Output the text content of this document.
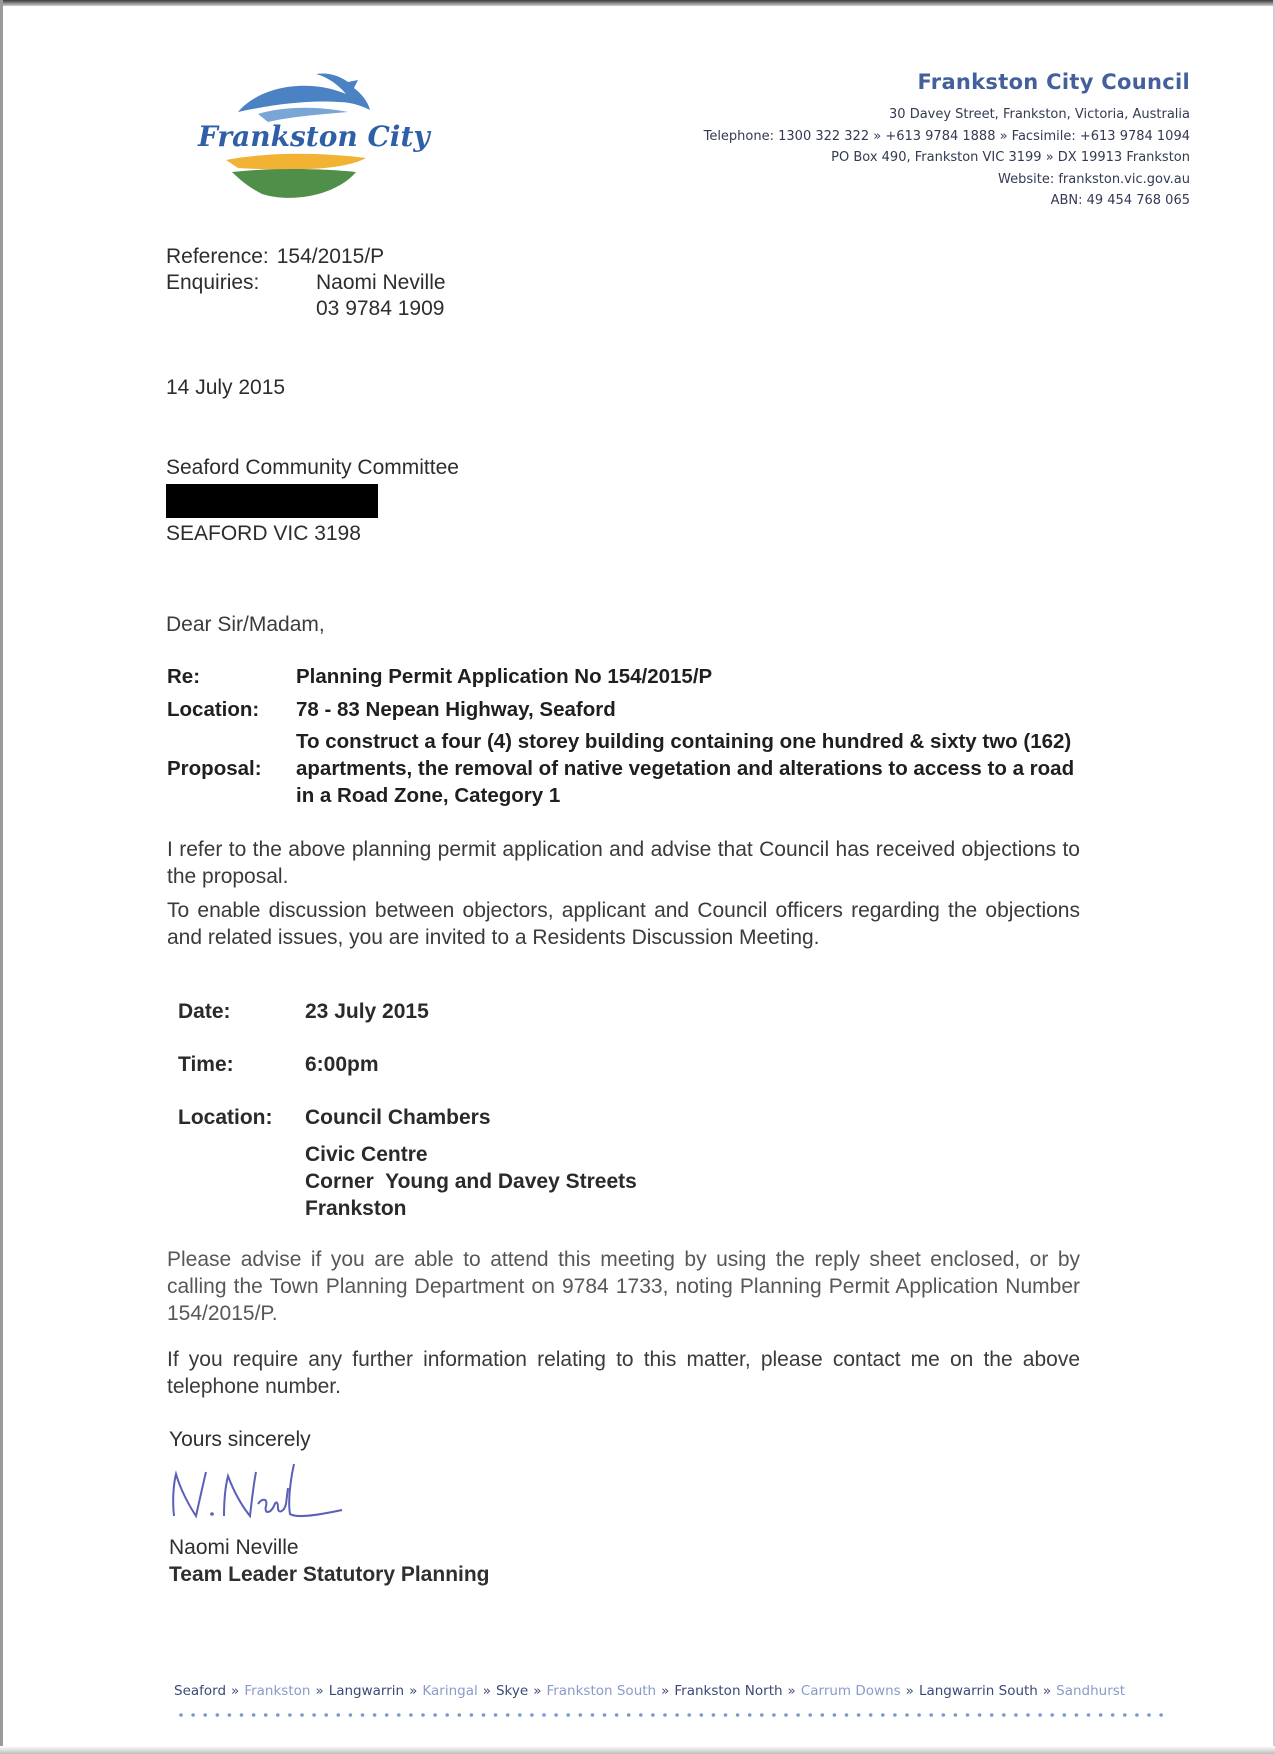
Frankston City
Frankston City Council
30 Davey Street, Frankston, Victoria, Australia
Telephone: 1300 322 322 » +613 9784 1888 » Facsimile: +613 9784 1094
PO Box 490, Frankston VIC 3199 » DX 19913 Frankston
Website: frankston.vic.gov.au
ABN: 49 454 768 065
Reference: 154/2015/P
Enquiries:	Naomi Neville
03 9784 1909
14 July 2015
Seaford Community Committee
SEAFORD VIC 3198
Dear Sir/Madam,
Re:	Planning Permit Application No 154/2015/P
Location:	78 - 83 Nepean Highway, Seaford
Proposal:
To construct a four (4) storey building containing one hundred & sixty two (162) apartments, the removal of native vegetation and alterations to access to a road in a Road Zone, Category 1
I refer to the above planning permit application and advise that Council has received objections to the proposal.
To enable discussion between objectors, applicant and Council officers regarding the objections and related issues, you are invited to a Residents Discussion Meeting.
Date:	23 July 2015
Time:	6:00pm
Location:	Council Chambers
Civic Centre
Corner  Young and Davey Streets
Frankston
Please advise if you are able to attend this meeting by using the reply sheet enclosed, or by calling the Town Planning Department on 9784 1733, noting Planning Permit Application Number 154/2015/P.
If you require any further information relating to this matter, please contact me on the above telephone number.
Yours sincerely
Naomi Neville
Team Leader Statutory Planning
Seaford » Frankston » Langwarrin » Karingal » Skye » Frankston South » Frankston North » Carrum Downs » Langwarrin South » Sandhurst
